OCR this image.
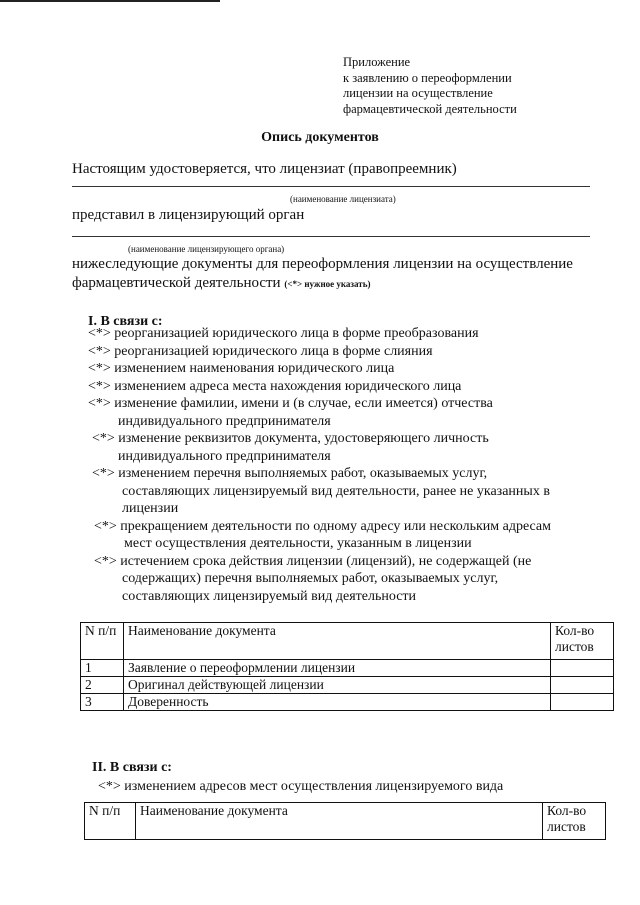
Приложение
к заявлению о переоформлении
лицензии на осуществление
фармацевтической деятельности
Опись документов
Настоящим удостоверяется, что лицензиат (правопреемник)
(наименование лицензиата)
представил в лицензирующий орган
(наименование лицензирующего органа)
нижеследующие документы для переоформления лицензии на осуществление
фармацевтической деятельности (<*> нужное указать)
I. В связи с:
<*> реорганизацией юридического лица в форме преобразования
<*> реорганизацией юридического лица в форме слияния
<*> изменением наименования юридического лица
<*> изменением адреса места нахождения юридического лица
<*> изменение фамилии, имени и (в случае, если имеется) отчества
индивидуального предпринимателя
<*> изменение реквизитов документа, удостоверяющего личность
индивидуального предпринимателя
<*> изменением перечня выполняемых работ, оказываемых услуг,
составляющих лицензируемый вид деятельности, ранее не указанных в
лицензии
<*> прекращением деятельности по одному адресу или нескольким адресам
мест осуществления деятельности, указанным в лицензии
<*> истечением срока действия лицензии (лицензий), не содержащей (не
содержащих) перечня выполняемых работ, оказываемых услуг,
составляющих лицензируемый вид деятельности
N п/п	Наименование документа	Кол-во листов
1	Заявление о переоформлении лицензии	
2	Оригинал действующей лицензии	
3	Доверенность	
II. В связи с:
<*> изменением адресов мест осуществления лицензируемого вида
N п/п	Наименование документа	Кол-во листов
